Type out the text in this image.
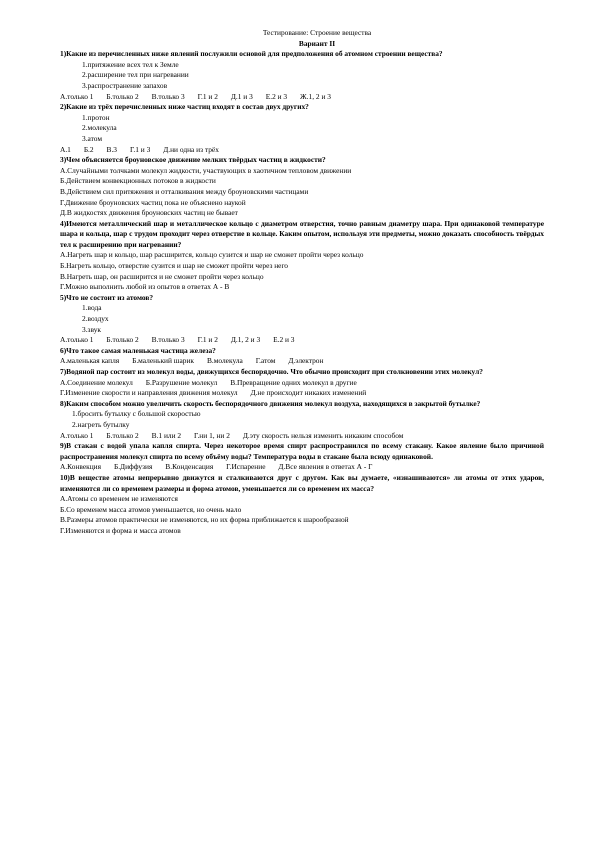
Тестирование: Строение вещества
Вариант II
1)Какие из перечисленных ниже явлений послужили основой для предположения об атомном строении вещества?
1.притяжение всех тел к Земле
2.расширение тел при нагревании
3.распространение запахов
А.только 1       Б.только 2       В.только 3       Г.1 и 2       Д.1 и 3       Е.2 и 3       Ж.1, 2 и 3
2)Какие из трёх перечисленных ниже частиц входят в состав двух других?
1.протон
2.молекула
3.атом
А.1       Б.2       В.3       Г.1 и 3       Д.ни одна из трёх
3)Чем объясняется броуновское движение мелких твёрдых частиц в жидкости?
А.Случайными толчками молекул жидкости, участвующих в хаотичном тепловом движении
Б.Действием конвекционных потоков в жидкости
В.Действием сил притяжения и отталкивания между броуновскими частицами
Г.Движение броуновских частиц пока не объяснено наукой
Д.В жидкостях движения броуновских частиц не бывает
4)Имеются металлический шар и металлическое кольцо с диаметром отверстия, точно равным диаметру шара. При одинаковой температуре шара и кольца, шар с трудом проходит через отверстие в кольце. Каким опытом, используя эти предметы, можно доказать способность твёрдых тел к расширению при нагревании?
А.Нагреть шар и кольцо, шар расширится, кольцо сузится и шар не сможет пройти через кольцо
Б.Нагреть кольцо, отверстие сузится и шар не сможет пройти через него
В.Нагреть шар, он расширится и не сможет пройти через кольцо
Г.Можно выполнить любой из опытов в ответах А - В
5)Что не состоит из атомов?
1.вода
2.воздух
3.звук
А.только 1       Б.только 2       В.только 3       Г.1 и 2       Д.1, 2 и 3       Е.2 и 3
6)Что такое самая маленькая частица железа?
А.маленькая капля       Б.маленький шарик       В.молекула       Г.атом       Д.электрон
7)Водяной пар состоит из молекул воды, движущихся беспорядочно. Что обычно происходит при столкновении этих молекул?
А.Соединение молекул       Б.Разрушение молекул       В.Превращение одних молекул в другие
Г.Изменение скорости и направления движения молекул       Д.не происходит никаких изменений
8)Каким способом можно увеличить скорость беспорядочного движения молекул воздуха, находящихся в закрытой бутылке?
1.бросить бутылку с большой скоростью
2.нагреть бутылку
А.только 1       Б.только 2       В.1 или 2       Г.ни 1, ни 2       Д.эту скорость нельзя изменить никаким способом
9)В стакан с водой упала капля спирта. Через некоторое время спирт распространился по всему стакану. Какое явление было причиной распространения молекул спирта по всему объёму воды? Температура воды в стакане была всюду одинаковой.
А.Конвекция       Б.Диффузия       В.Конденсация       Г.Испарение       Д.Все явления в ответах А - Г
10)В веществе атомы непрерывно движутся и сталкиваются друг с другом. Как вы думаете, «изнашиваются» ли атомы от этих ударов, изменяются ли со временем размеры и форма атомов, уменьшается ли со временем их масса?
А.Атомы со временем не изменяются
Б.Со временем масса атомов уменьшается, но очень мало
В.Размеры атомов практически не изменяются, но их форма приближается к шарообразной
Г.Изменяются и форма и масса атомов
